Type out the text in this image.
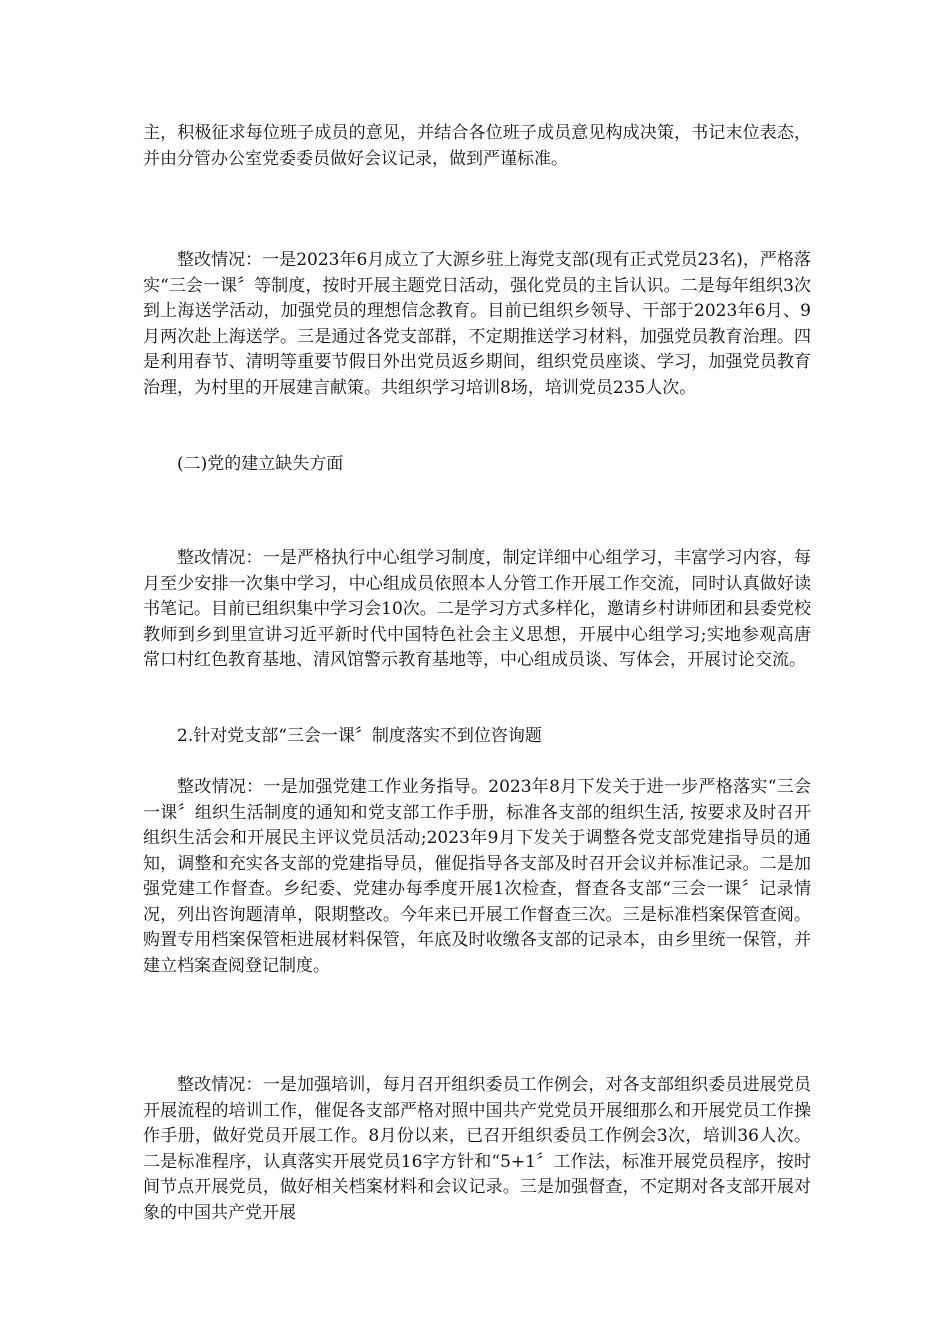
主，积极征求每位班子成员的意见，并结合各位班子成员意见构成决策，书记末位表态，并由分管办公室党委委员做好会议记录，做到严谨标准。

整改情况：一是2023年6月成立了大源乡驻上海党支部(现有正式党员23名)，严格落实“三会一课〞等制度，按时开展主题党日活动，强化党员的主旨认识。二是每年组织3次到上海送学活动，加强党员的理想信念教育。目前已组织乡领导、干部于2023年6月、9月两次赴上海送学。三是通过各党支部群，不定期推送学习材料，加强党员教育治理。四是利用春节、清明等重要节假日外出党员返乡期间，组织党员座谈、学习，加强党员教育治理，为村里的开展建言献策。共组织学习培训8场，培训党员235人次。

(二)党的建立缺失方面

整改情况：一是严格执行中心组学习制度，制定详细中心组学习，丰富学习内容，每月至少安排一次集中学习，中心组成员依照本人分管工作开展工作交流，同时认真做好读书笔记。目前已组织集中学习会10次。二是学习方式多样化，邀请乡村讲师团和县委党校教师到乡到里宣讲习近平新时代中国特色社会主义思想，开展中心组学习;实地参观高唐常口村红色教育基地、清风馆警示教育基地等，中心组成员谈、写体会，开展讨论交流。

2.针对党支部“三会一课〞制度落实不到位咨询题

整改情况：一是加强党建工作业务指导。2023年8月下发关于进一步严格落实“三会一课〞组织生活制度的通知和党支部工作手册，标准各支部的组织生活, 按要求及时召开组织生活会和开展民主评议党员活动;2023年9月下发关于调整各党支部党建指导员的通知，调整和充实各支部的党建指导员，催促指导各支部及时召开会议并标准记录。二是加强党建工作督查。乡纪委、党建办每季度开展1次检查，督查各支部“三会一课〞记录情况，列出咨询题清单，限期整改。今年来已开展工作督查三次。三是标准档案保管查阅。购置专用档案保管柜进展材料保管，年底及时收缴各支部的记录本，由乡里统一保管，并建立档案查阅登记制度。

整改情况：一是加强培训，每月召开组织委员工作例会，对各支部组织委员进展党员开展流程的培训工作，催促各支部严格对照中国共产党党员开展细那么和开展党员工作操作手册，做好党员开展工作。8月份以来，已召开组织委员工作例会3次，培训36人次。二是标准程序，认真落实开展党员16字方针和“5+1〞工作法，标准开展党员程序，按时间节点开展党员，做好相关档案材料和会议记录。三是加强督查，不定期对各支部开展对象的中国共产党开展
